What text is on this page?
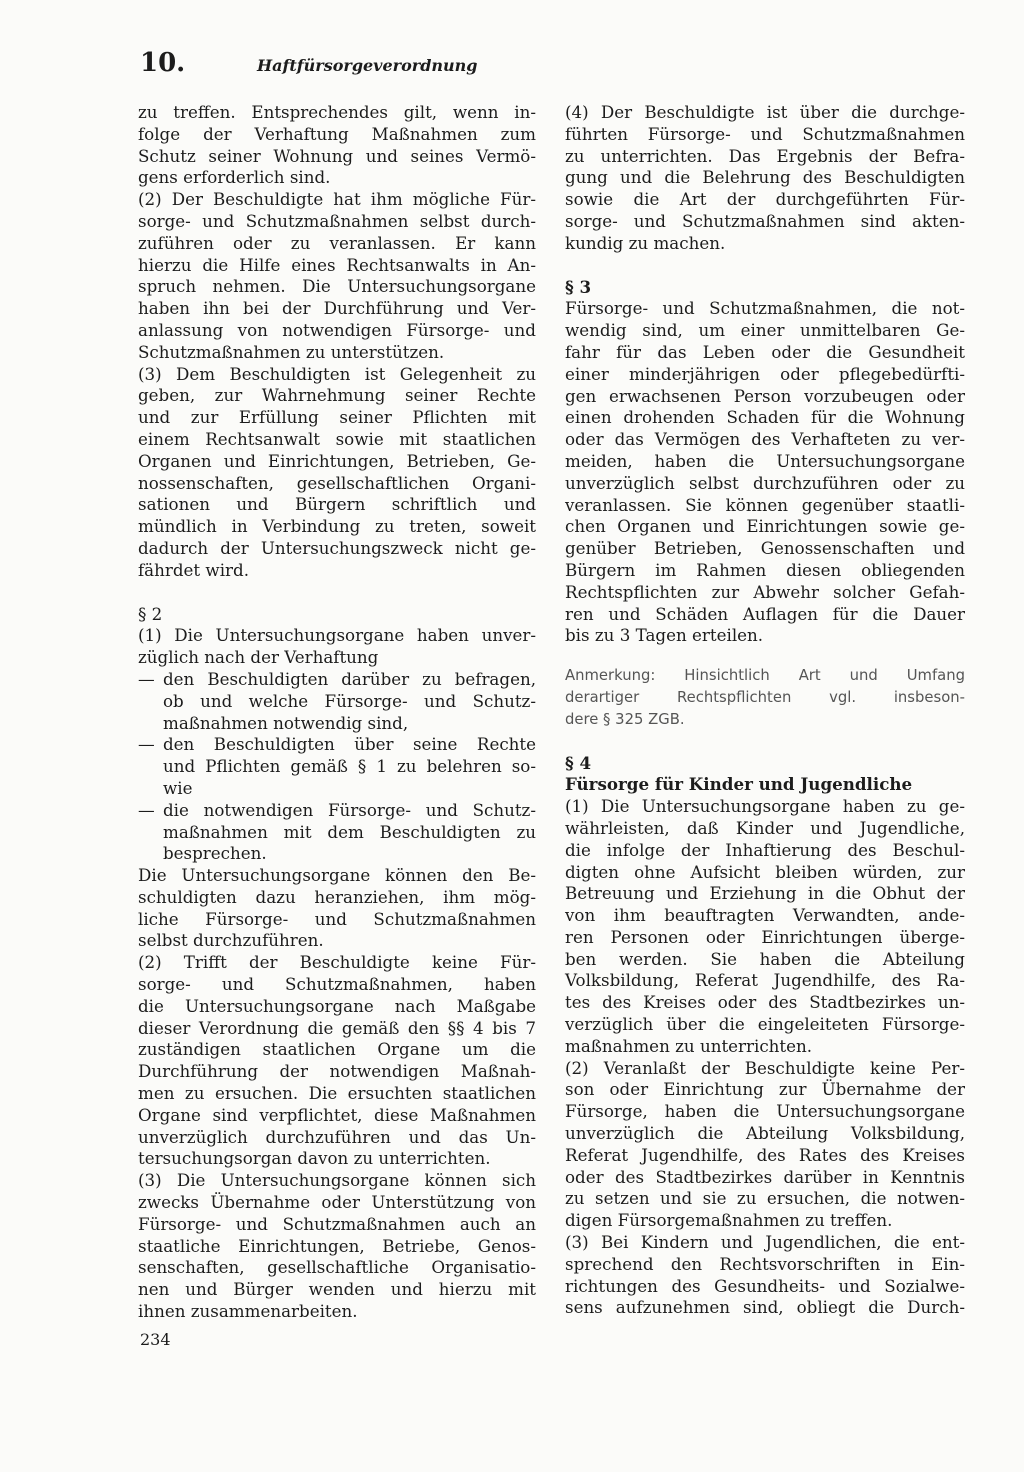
10.	Haftfürsorgeverordnung

zu treffen. Entsprechendes gilt, wenn in-

folge der Verhaftung Maßnahmen zum

Schutz seiner Wohnung und seines Vermö-

gens erforderlich sind.

(2) Der Beschuldigte hat ihm mögliche Für-

sorge- und Schutzmaßnahmen selbst durch-

zuführen oder zu veranlassen. Er kann

hierzu die Hilfe eines Rechtsanwalts in An-

spruch nehmen. Die Untersuchungsorgane

haben ihn bei der Durchführung und Ver-

anlassung von notwendigen Fürsorge- und

Schutzmaßnahmen zu unterstützen.

(3) Dem Beschuldigten ist Gelegenheit zu

geben, zur Wahrnehmung seiner Rechte

und zur Erfüllung seiner Pflichten mit

einem Rechtsanwalt sowie mit staatlichen

Organen und Einrichtungen, Betrieben, Ge-

nossenschaften, gesellschaftlichen Organi-

sationen und Bürgern schriftlich und

mündlich in Verbindung zu treten, soweit

dadurch der Untersuchungszweck nicht ge-

fährdet wird.

§ 2

(1) Die Untersuchungsorgane haben unver-

züglich nach der Verhaftung

— den Beschuldigten darüber zu befragen,

ob und welche Fürsorge- und Schutz-

maßnahmen notwendig sind,

— den Beschuldigten über seine Rechte

und Pflichten gemäß § 1 zu belehren so-

wie

— die notwendigen Fürsorge- und Schutz-

maßnahmen mit dem Beschuldigten zu

besprechen.

Die Untersuchungsorgane können den Be-

schuldigten dazu heranziehen, ihm mög-

liche Fürsorge- und Schutzmaßnahmen

selbst durchzuführen.

(2) Trifft der Beschuldigte keine Für-

sorge- und Schutzmaßnahmen, haben

die Untersuchungsorgane nach Maßgabe

dieser Verordnung die gemäß den §§ 4 bis 7

zuständigen staatlichen Organe um die

Durchführung der notwendigen Maßnah-

men zu ersuchen. Die ersuchten staatlichen

Organe sind verpflichtet, diese Maßnahmen

unverzüglich durchzuführen und das Un-

tersuchungsorgan davon zu unterrichten.

(3) Die Untersuchungsorgane können sich

zwecks Übernahme oder Unterstützung von

Fürsorge- und Schutzmaßnahmen auch an

staatliche Einrichtungen, Betriebe, Genos-

senschaften, gesellschaftliche Organisatio-

nen und Bürger wenden und hierzu mit

ihnen zusammenarbeiten.

(4) Der Beschuldigte ist über die durchge-

führten Fürsorge- und Schutzmaßnahmen

zu unterrichten. Das Ergebnis der Befra-

gung und die Belehrung des Beschuldigten

sowie die Art der durchgeführten Für-

sorge- und Schutzmaßnahmen sind akten-

kundig zu machen.

§ 3

Fürsorge- und Schutzmaßnahmen, die not-

wendig sind, um einer unmittelbaren Ge-

fahr für das Leben oder die Gesundheit

einer minderjährigen oder pflegebedürfti-

gen erwachsenen Person vorzubeugen oder

einen drohenden Schaden für die Wohnung

oder das Vermögen des Verhafteten zu ver-

meiden, haben die Untersuchungsorgane

unverzüglich selbst durchzuführen oder zu

veranlassen. Sie können gegenüber staatli-

chen Organen und Einrichtungen sowie ge-

genüber Betrieben, Genossenschaften und

Bürgern im Rahmen diesen obliegenden

Rechtspflichten zur Abwehr solcher Gefah-

ren und Schäden Auflagen für die Dauer

bis zu 3 Tagen erteilen.

Anmerkung: Hinsichtlich Art und Umfang

derartiger Rechtspflichten vgl. insbeson-

dere § 325 ZGB.

§ 4

Fürsorge für Kinder und Jugendliche

(1) Die Untersuchungsorgane haben zu ge-

währleisten, daß Kinder und Jugendliche,

die infolge der Inhaftierung des Beschul-

digten ohne Aufsicht bleiben würden, zur

Betreuung und Erziehung in die Obhut der

von ihm beauftragten Verwandten, ande-

ren Personen oder Einrichtungen überge-

ben werden. Sie haben die Abteilung

Volksbildung, Referat Jugendhilfe, des Ra-

tes des Kreises oder des Stadtbezirkes un-

verzüglich über die eingeleiteten Fürsorge-

maßnahmen zu unterrichten.

(2) Veranlaßt der Beschuldigte keine Per-

son oder Einrichtung zur Übernahme der

Fürsorge, haben die Untersuchungsorgane

unverzüglich die Abteilung Volksbildung,

Referat Jugendhilfe, des Rates des Kreises

oder des Stadtbezirkes darüber in Kenntnis

zu setzen und sie zu ersuchen, die notwen-

digen Fürsorgemaßnahmen zu treffen.

(3) Bei Kindern und Jugendlichen, die ent-

sprechend den Rechtsvorschriften in Ein-

richtungen des Gesundheits- und Sozialwe-

sens aufzunehmen sind, obliegt die Durch-

234
